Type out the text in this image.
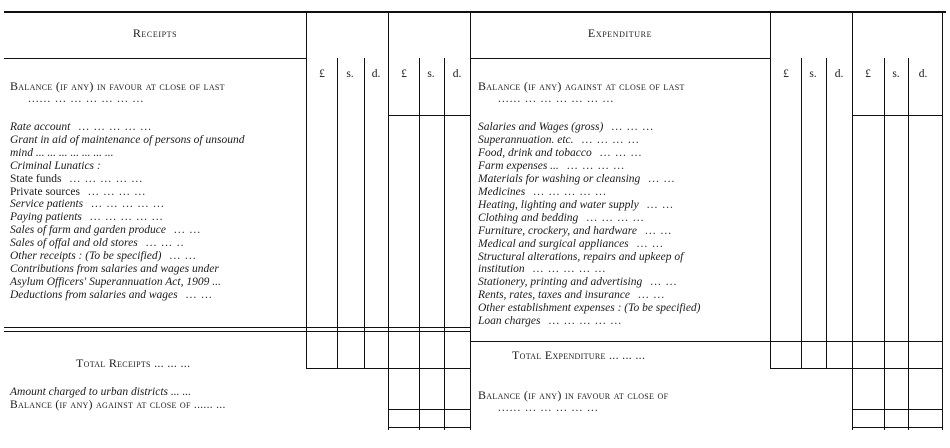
Receipts	Expenditure
£	s.	d.	£	s.	d.	£	s.	d.	£	s.	d.
Balance (if any) in favour at close of last
...... ... ... ... ... ... ...
Rate account ... ... ... ... ...
Grant in aid of maintenance of persons of unsound
mind ... ... ... ... ... ... ...
Criminal Lunatics :
State funds ... ... ... ... ...
Private sources ... ... ... ...
Service patients ... ... ... ... ...
Paying patients ... ... ... ... ...
Sales of farm and garden produce ... ...
Sales of offal and old stores ... ... ..
Other receipts : (To be specified) ... ...
Contributions from salaries and wages under
Asylum Officers' Superannuation Act, 1909 ...
Deductions from salaries and wages ... ...
Total Receipts ... ... ...
Amount charged to urban districts ... ...
Balance (if any) against at close of ...... ...
Balance (if any) against at close of last
...... ... ... ... ... ... ...
Salaries and Wages (gross) ... ... ...
Superannuation. etc. ... ... ... ...
Food, drink and tobacco ... ... ...
Farm expenses ... ... ... ... ...
Materials for washing or cleansing ... ...
Medicines ... ... ... ... ...
Heating, lighting and water supply ... ...
Clothing and bedding ... ... ... ...
Furniture, crockery, and hardware ... ...
Medical and surgical appliances ... ...
Structural alterations, repairs and upkeep of
institution ... ... ... ... ...
Stationery, printing and advertising ... ...
Rents, rates, taxes and insurance ... ...
Other establishment expenses : (To be specified)
Loan charges ... ... ... ... ...
Total Expenditure ... ... ...
Balance (if any) in favour at close of
...... ... ... ... ... ...
